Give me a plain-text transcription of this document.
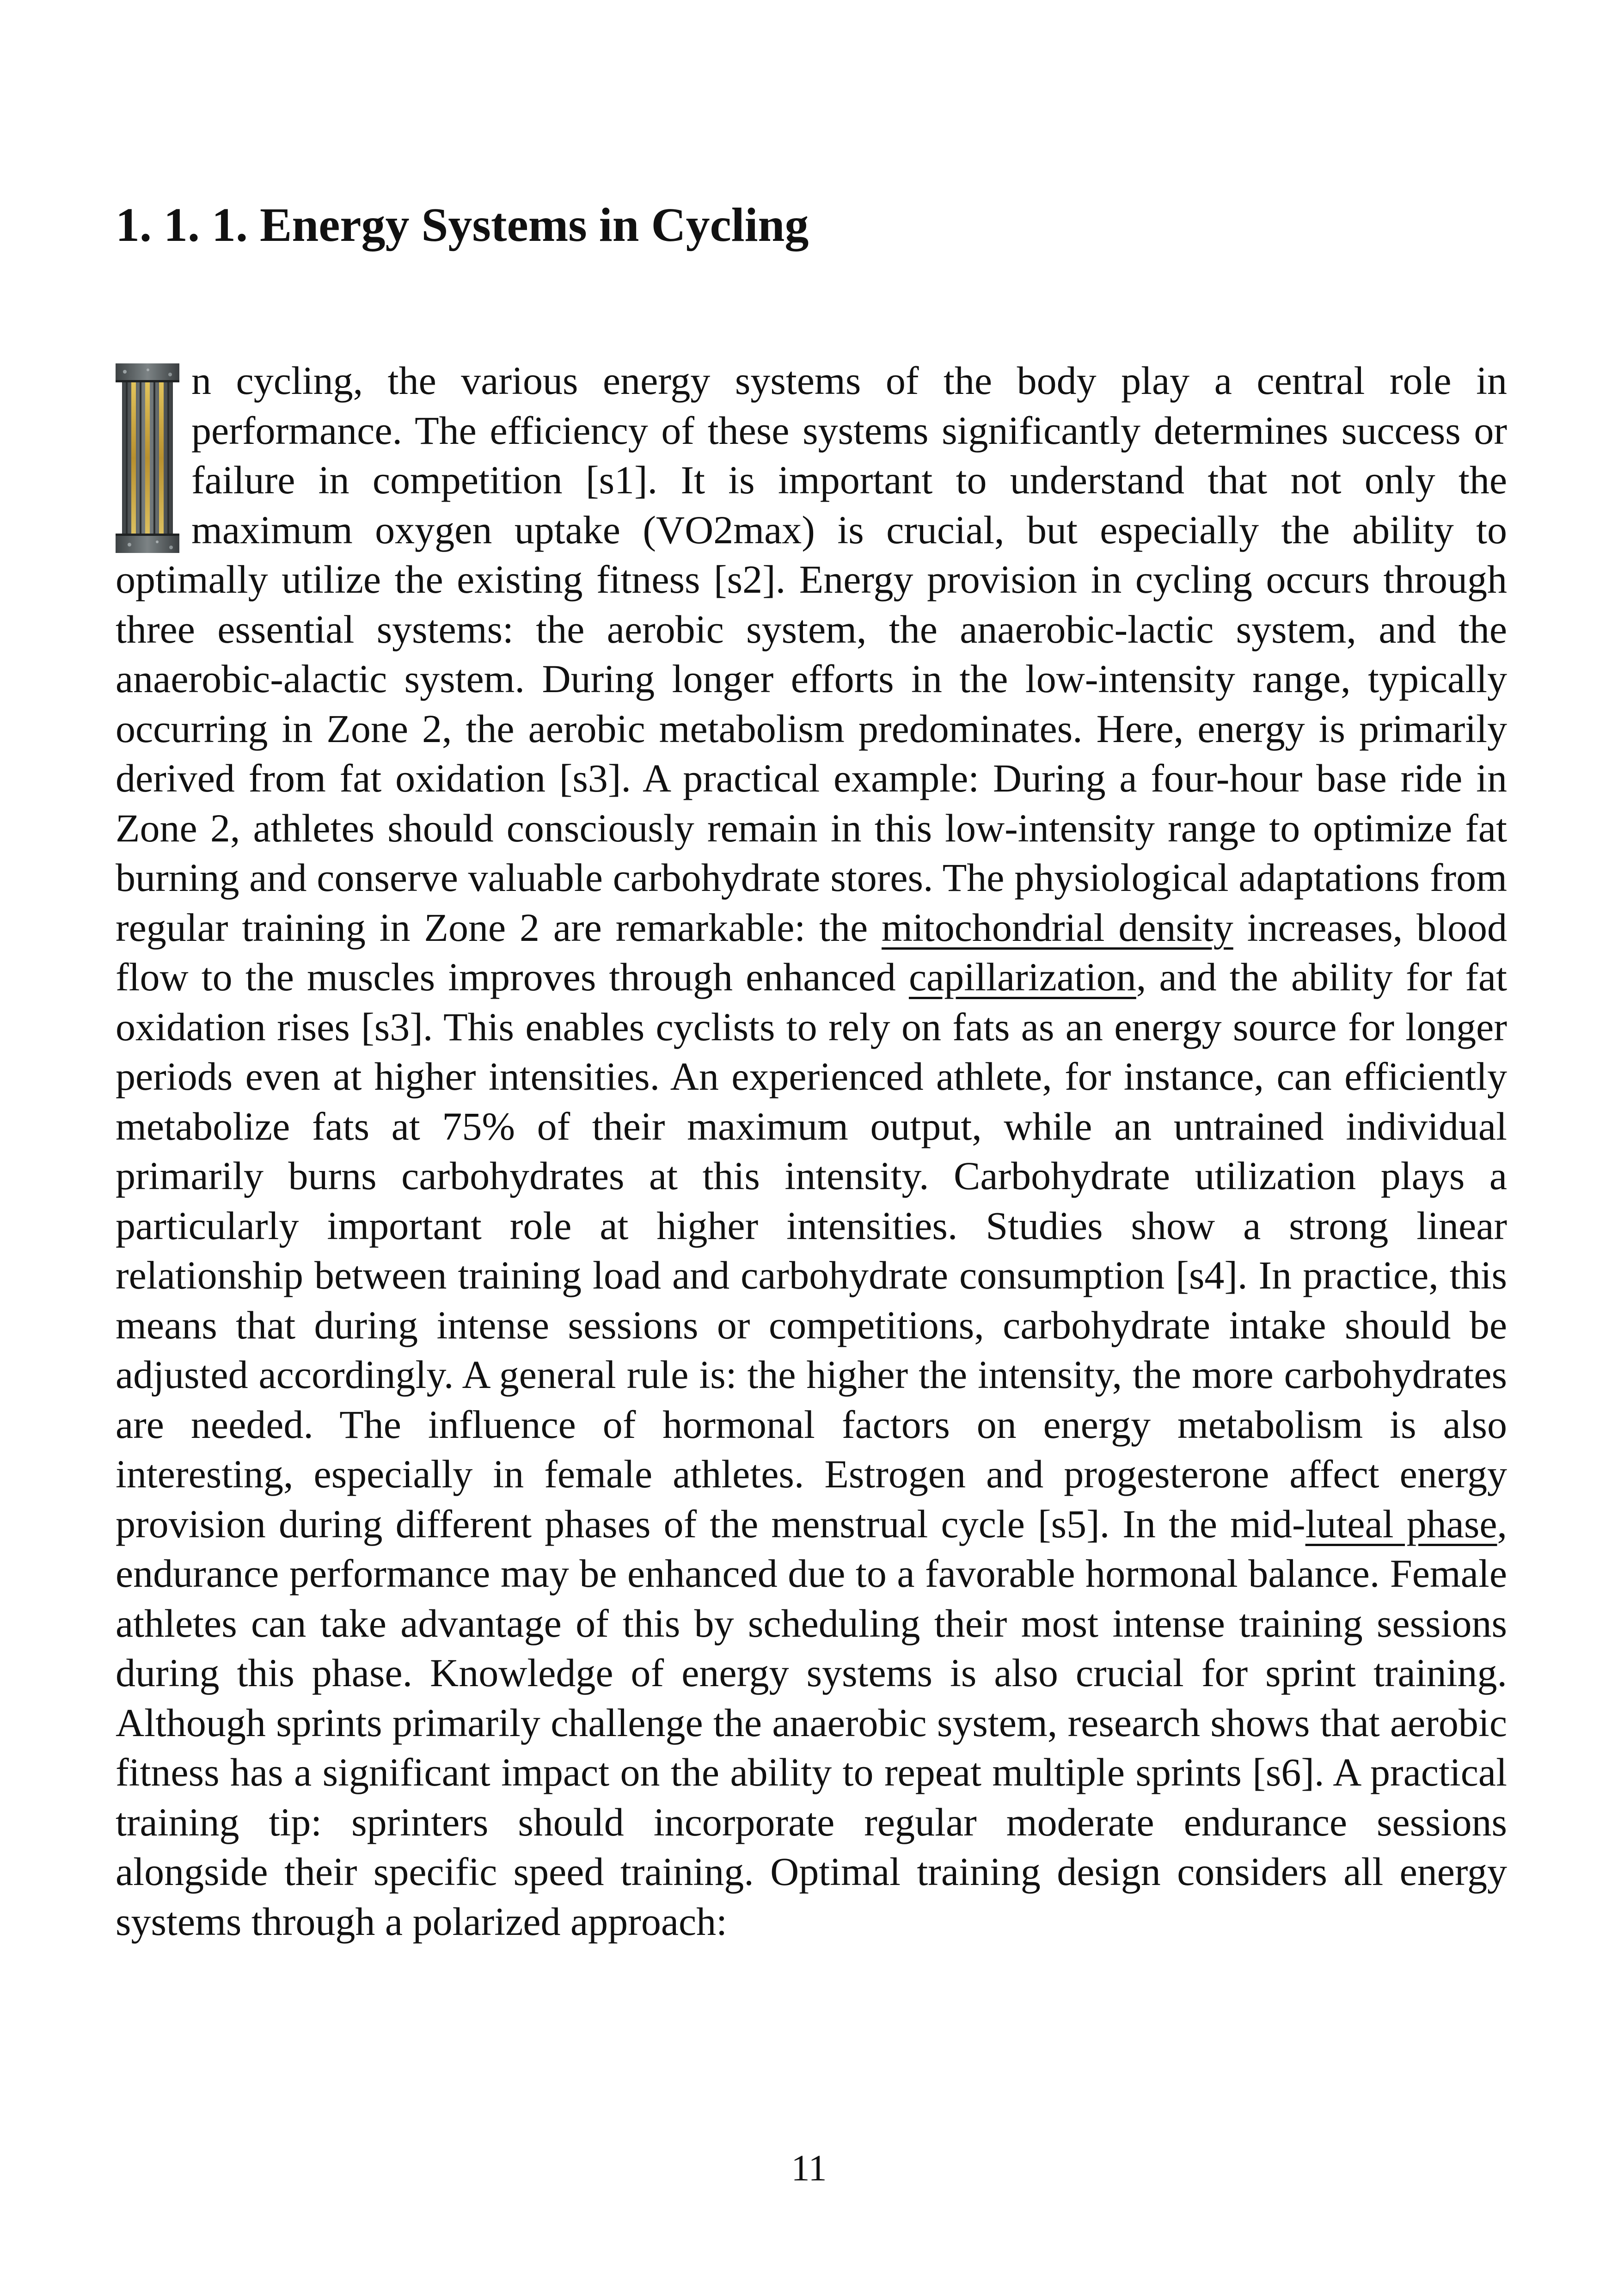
1. 1. 1. Energy Systems in Cycling
n cycling, the various energy systems of the body play a central role in performance. The efficiency of these systems significantly determines success or failure in competition [s1]. It is important to understand that not only the maximum oxygen uptake (VO2max) is crucial, but especially the ability to optimally utilize the existing fitness [s2]. Energy provision in cycling occurs through three essential systems: the aerobic system, the anaerobic-lactic system, and the anaerobic-alactic system. During longer efforts in the low-intensity range, typically occurring in Zone 2, the aerobic metabolism predominates. Here, energy is primarily derived from fat oxidation [s3]. A practical example: During a four-hour base ride in Zone 2, athletes should consciously remain in this low-intensity range to optimize fat burning and conserve valuable carbohydrate stores. The physiological adaptations from regular training in Zone 2 are remarkable: the mitochondrial density increases, blood flow to the muscles improves through enhanced capillarization, and the ability for fat oxidation rises [s3]. This enables cyclists to rely on fats as an energy source for longer periods even at higher intensities. An experienced athlete, for instance, can efficiently metabolize fats at 75% of their maximum output, while an untrained individual primarily burns carbohydrates at this intensity. Carbohydrate utilization plays a particularly important role at higher intensities. Studies show a strong linear relationship between training load and carbohydrate consumption [s4]. In practice, this means that during intense sessions or competitions, carbohydrate intake should be adjusted accordingly. A general rule is: the higher the intensity, the more carbohydrates are needed. The influence of hormonal factors on energy metabolism is also interesting, especially in female athletes. Estrogen and progesterone affect energy provision during different phases of the menstrual cycle [s5]. In the mid-luteal phase, endurance performance may be enhanced due to a favorable hormonal balance. Female athletes can take advantage of this by scheduling their most intense training sessions during this phase. Knowledge of energy systems is also crucial for sprint training. Although sprints primarily challenge the anaerobic system, research shows that aerobic fitness has a significant impact on the ability to repeat multiple sprints [s6]. A practical training tip: sprinters should incorporate regular moderate endurance sessions alongside their specific speed training. Optimal training design considers all energy systems through a polarized approach:
11
